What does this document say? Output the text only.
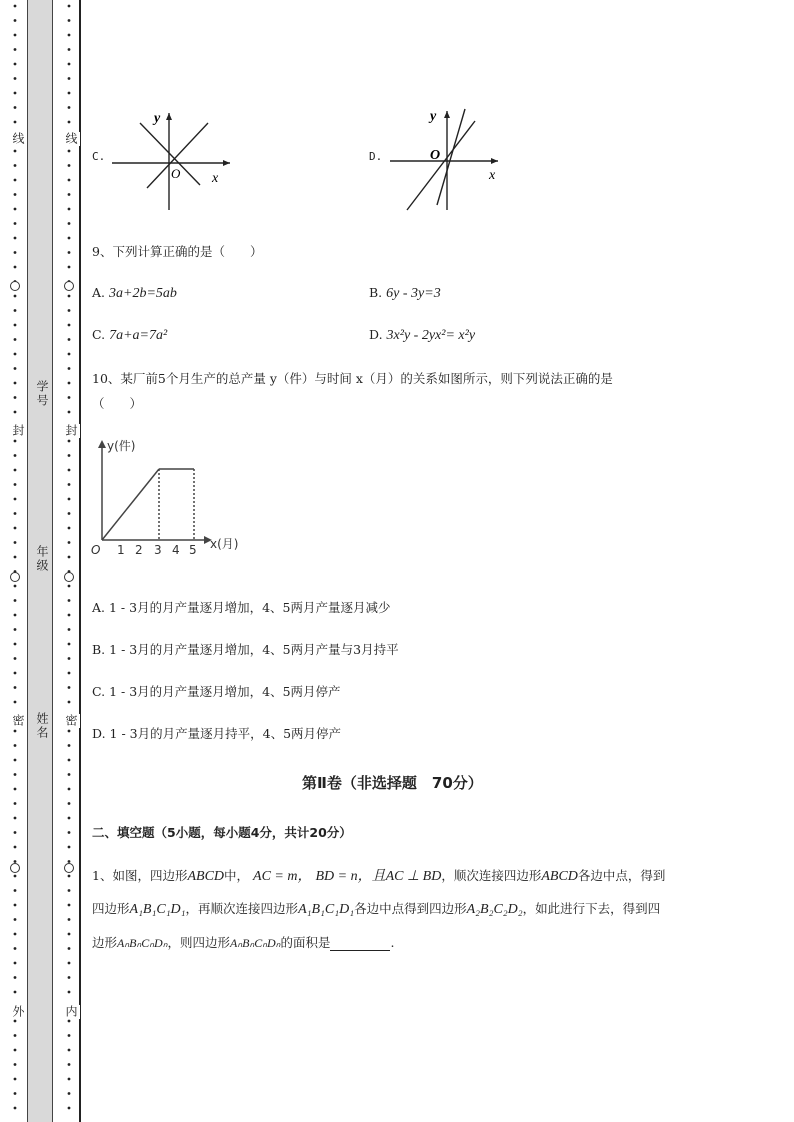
线
封
密
外
学号
年级
姓名
线
封
密
内
C.
y
x
O
D.
y
x
O
9、下列计算正确的是（　　）
A. 3a+2b=5ab	B. 6y - 3y=3
C. 7a+a=7a²	D. 3x²y - 2yx²= x²y
10、某厂前5个月生产的总产量 y（件）与时间 x（月）的关系如图所示，则下列说法正确的是
（　　）
y(件)
x(月)
O 1 2 3 4 5
A. 1 - 3月的月产量逐月增加，4、5两月产量逐月减少
B. 1 - 3月的月产量逐月增加，4、5两月产量与3月持平
C. 1 - 3月的月产量逐月增加，4、5两月停产
D. 1 - 3月的月产量逐月持平，4、5两月停产
第Ⅱ卷（非选择题　70分）
二、填空题（5小题，每小题4分，共计20分）
1、如图，四边形ABCD中， AC = m， BD = n，且AC ⊥ BD，顺次连接四边形ABCD各边中点，得到
四边形A₁B₁C₁D₁，再顺次连接四边形A₁B₁C₁D₁各边中点得到四边形A₂B₂C₂D₂，如此进行下去，得到四
边形AₙBₙCₙDₙ，则四边形AₙBₙCₙDₙ的面积是	.
